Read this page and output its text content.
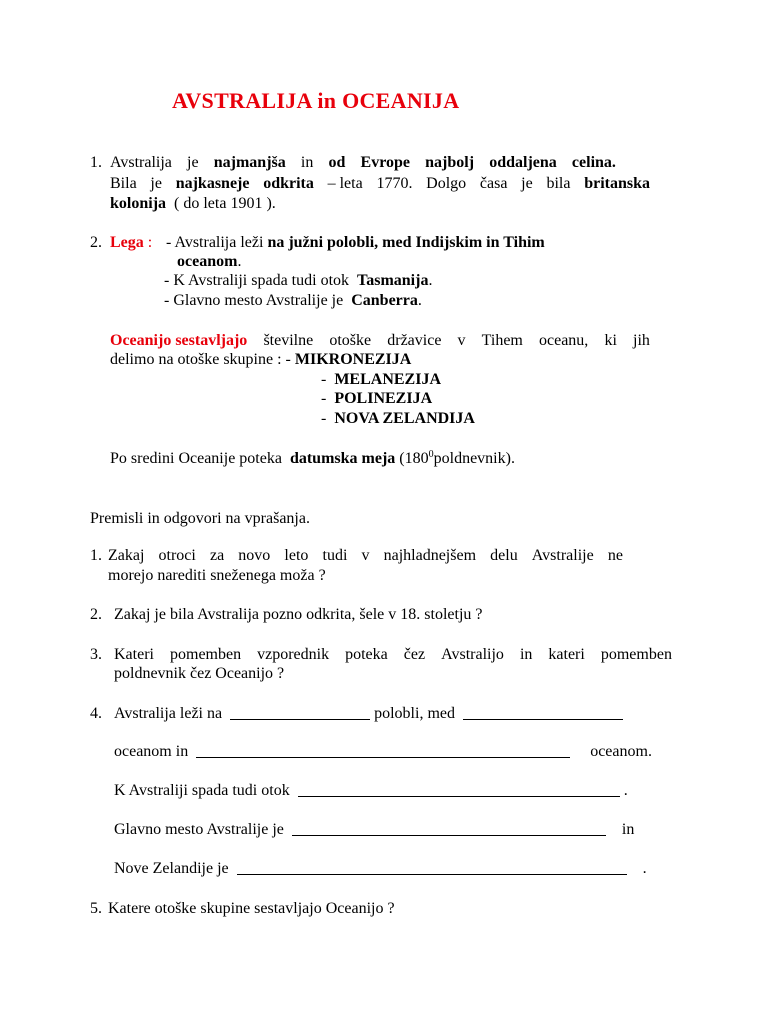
AVSTRALIJA in OCEANIJA
1. Avstralija je najmanjša in od Evrope najbolj oddaljena celina.
Bila je najkasneje odkrita – leta 1770. Dolgo časa je bila britanska
kolonija ( do leta 1901 ).
2. Lega : - Avstralija leži na južni polobli, med Indijskim in Tihim
oceanom.
- K Avstraliji spada tudi otok Tasmanija.
- Glavno mesto Avstralije je Canberra.
Oceanijo sestavljajo številne otoške državice v Tihem oceanu, ki jih
delimo na otoške skupine : - MIKRONEZIJA
- MELANEZIJA
- POLINEZIJA
- NOVA ZELANDIJA
Po sredini Oceanije poteka datumska meja $(180^0poldnevnik)$.
Premisli in odgovori na vprašanja.
1. Zakaj otroci za novo leto tudi v najhladnejšem delu Avstralije ne
morejo narediti sneženega moža ?
2. Zakaj je bila Avstralija pozno odkrita, šele v 18. stoletju ?
3. Kateri pomemben vzporednik poteka čez Avstralijo in kateri pomemben
poldnevnik čez Oceanijo ?
4. Avstralija leži na	polobli, med
oceanom in	oceanom.
K Avstraliji spada tudi otok	.
Glavno mesto Avstralije je	in
Nove Zelandije je	.
5. Katere otoške skupine sestavljajo Oceanijo ?
